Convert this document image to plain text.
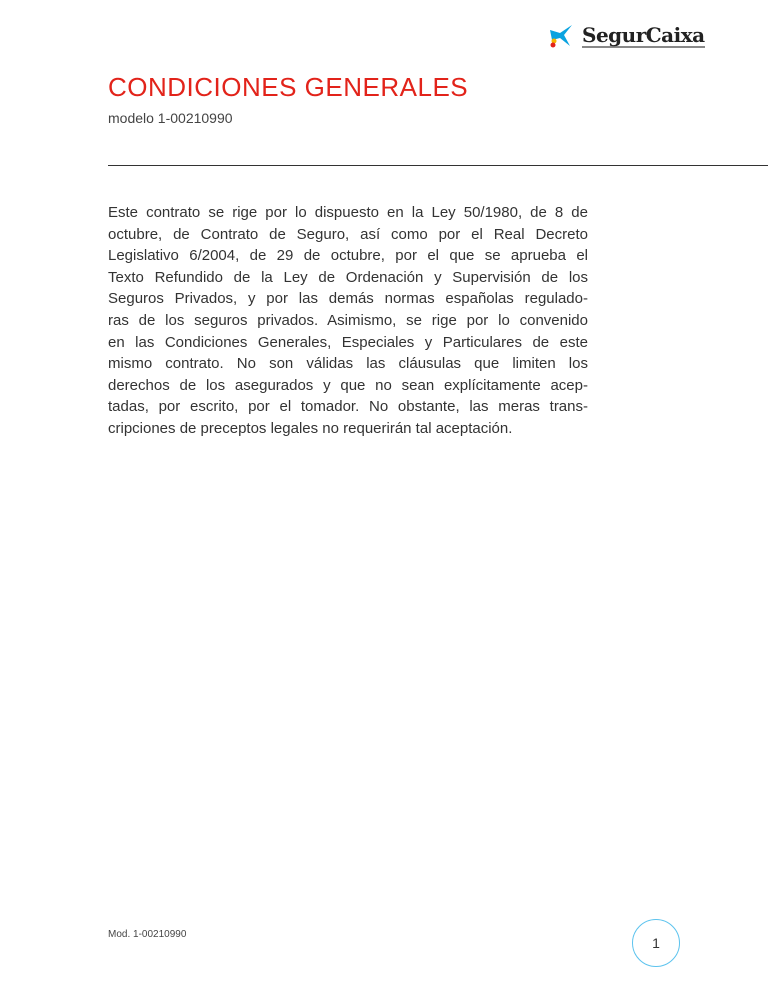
SegurCaixa
CONDICIONES GENERALES
modelo 1-00210990
Este contrato se rige por lo dispuesto en la Ley 50/1980, de 8 de
octubre, de Contrato de Seguro, así como por el Real Decreto
Legislativo 6/2004, de 29 de octubre, por el que se aprueba el
Texto Refundido de la Ley de Ordenación y Supervisión de los
Seguros Privados, y por las demás normas españolas regulado-
ras de los seguros privados. Asimismo, se rige por lo convenido
en las Condiciones Generales, Especiales y Particulares de este
mismo contrato. No son válidas las cláusulas que limiten los
derechos de los asegurados y que no sean explícitamente acep-
tadas, por escrito, por el tomador. No obstante, las meras trans-
cripciones de preceptos legales no requerirán tal aceptación.
Mod. 1-00210990
1
